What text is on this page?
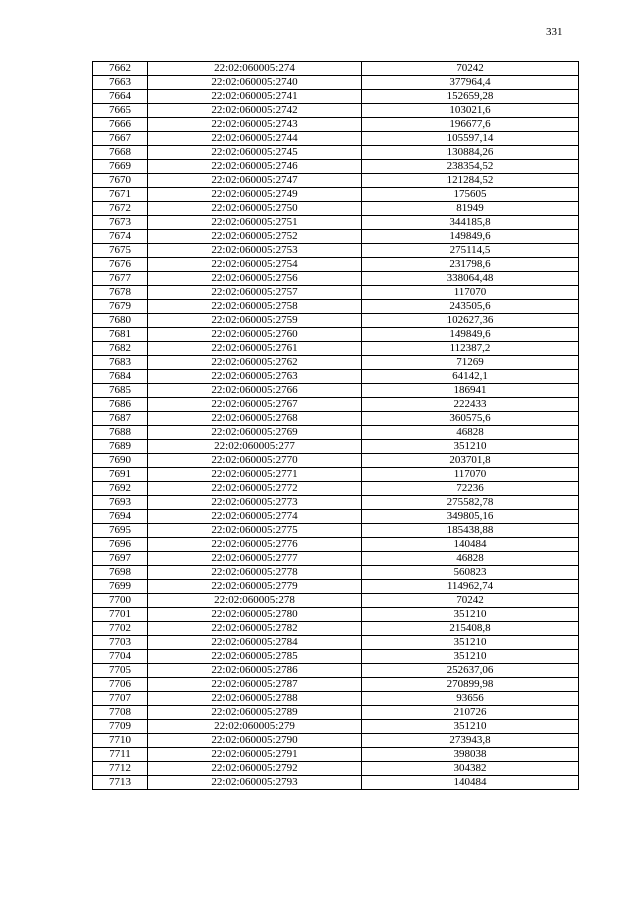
331
7662	22:02:060005:274	70242
7663	22:02:060005:2740	377964,4
7664	22:02:060005:2741	152659,28
7665	22:02:060005:2742	103021,6
7666	22:02:060005:2743	196677,6
7667	22:02:060005:2744	105597,14
7668	22:02:060005:2745	130884,26
7669	22:02:060005:2746	238354,52
7670	22:02:060005:2747	121284,52
7671	22:02:060005:2749	175605
7672	22:02:060005:2750	81949
7673	22:02:060005:2751	344185,8
7674	22:02:060005:2752	149849,6
7675	22:02:060005:2753	275114,5
7676	22:02:060005:2754	231798,6
7677	22:02:060005:2756	338064,48
7678	22:02:060005:2757	117070
7679	22:02:060005:2758	243505,6
7680	22:02:060005:2759	102627,36
7681	22:02:060005:2760	149849,6
7682	22:02:060005:2761	112387,2
7683	22:02:060005:2762	71269
7684	22:02:060005:2763	64142,1
7685	22:02:060005:2766	186941
7686	22:02:060005:2767	222433
7687	22:02:060005:2768	360575,6
7688	22:02:060005:2769	46828
7689	22:02:060005:277	351210
7690	22:02:060005:2770	203701,8
7691	22:02:060005:2771	117070
7692	22:02:060005:2772	72236
7693	22:02:060005:2773	275582,78
7694	22:02:060005:2774	349805,16
7695	22:02:060005:2775	185438,88
7696	22:02:060005:2776	140484
7697	22:02:060005:2777	46828
7698	22:02:060005:2778	560823
7699	22:02:060005:2779	114962,74
7700	22:02:060005:278	70242
7701	22:02:060005:2780	351210
7702	22:02:060005:2782	215408,8
7703	22:02:060005:2784	351210
7704	22:02:060005:2785	351210
7705	22:02:060005:2786	252637,06
7706	22:02:060005:2787	270899,98
7707	22:02:060005:2788	93656
7708	22:02:060005:2789	210726
7709	22:02:060005:279	351210
7710	22:02:060005:2790	273943,8
7711	22:02:060005:2791	398038
7712	22:02:060005:2792	304382
7713	22:02:060005:2793	140484
